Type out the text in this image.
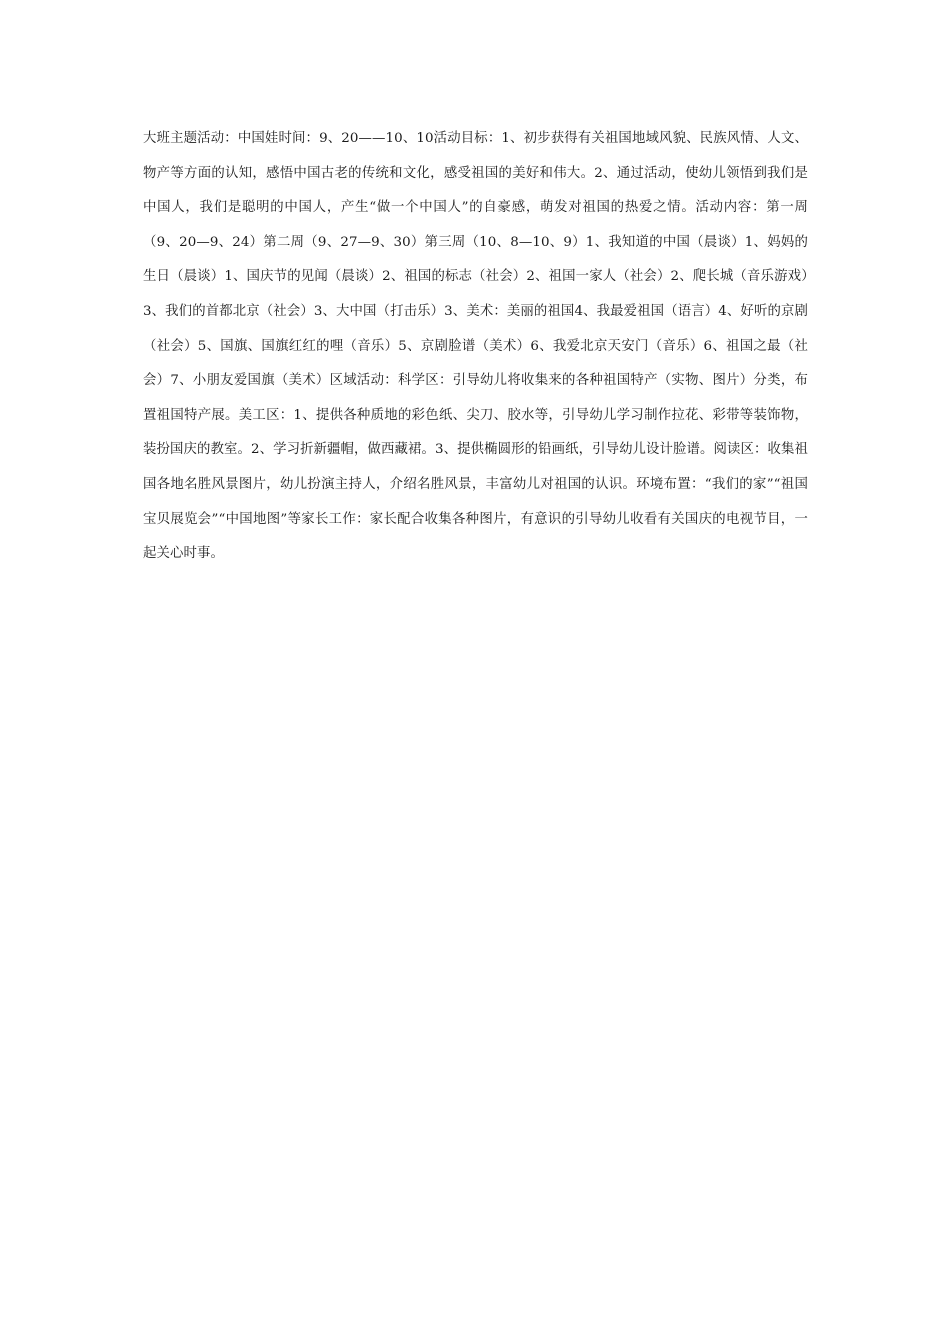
大班主题活动：中国娃时间：9、20——10、10活动目标：1、初步获得有关祖国地域风貌、民族风情、人文、物产等方面的认知，感悟中国古老的传统和文化，感受祖国的美好和伟大。2、通过活动，使幼儿领悟到我们是中国人，我们是聪明的中国人，产生“做一个中国人”的自豪感，萌发对祖国的热爱之情。活动内容：第一周（9、20—9、24）第二周（9、27—9、30）第三周（10、8—10、9）1、我知道的中国（晨谈）1、妈妈的生日（晨谈）1、国庆节的见闻（晨谈）2、祖国的标志（社会）2、祖国一家人（社会）2、爬长城（音乐游戏）3、我们的首都北京（社会）3、大中国（打击乐）3、美术：美丽的祖国4、我最爱祖国（语言）4、好听的京剧（社会）5、国旗、国旗红红的哩（音乐）5、京剧脸谱（美术）6、我爱北京天安门（音乐）6、祖国之最（社会）7、小朋友爱国旗（美术）区域活动：科学区：引导幼儿将收集来的各种祖国特产（实物、图片）分类，布置祖国特产展。美工区：1、提供各种质地的彩色纸、尖刀、胶水等，引导幼儿学习制作拉花、彩带等装饰物，装扮国庆的教室。2、学习折新疆帽，做西藏裙。3、提供椭圆形的铅画纸，引导幼儿设计脸谱。阅读区：收集祖国各地名胜风景图片，幼儿扮演主持人，介绍名胜风景，丰富幼儿对祖国的认识。环境布置：“我们的家”“祖国宝贝展览会”“中国地图”等家长工作：家长配合收集各种图片，有意识的引导幼儿收看有关国庆的电视节目，一起关心时事。
